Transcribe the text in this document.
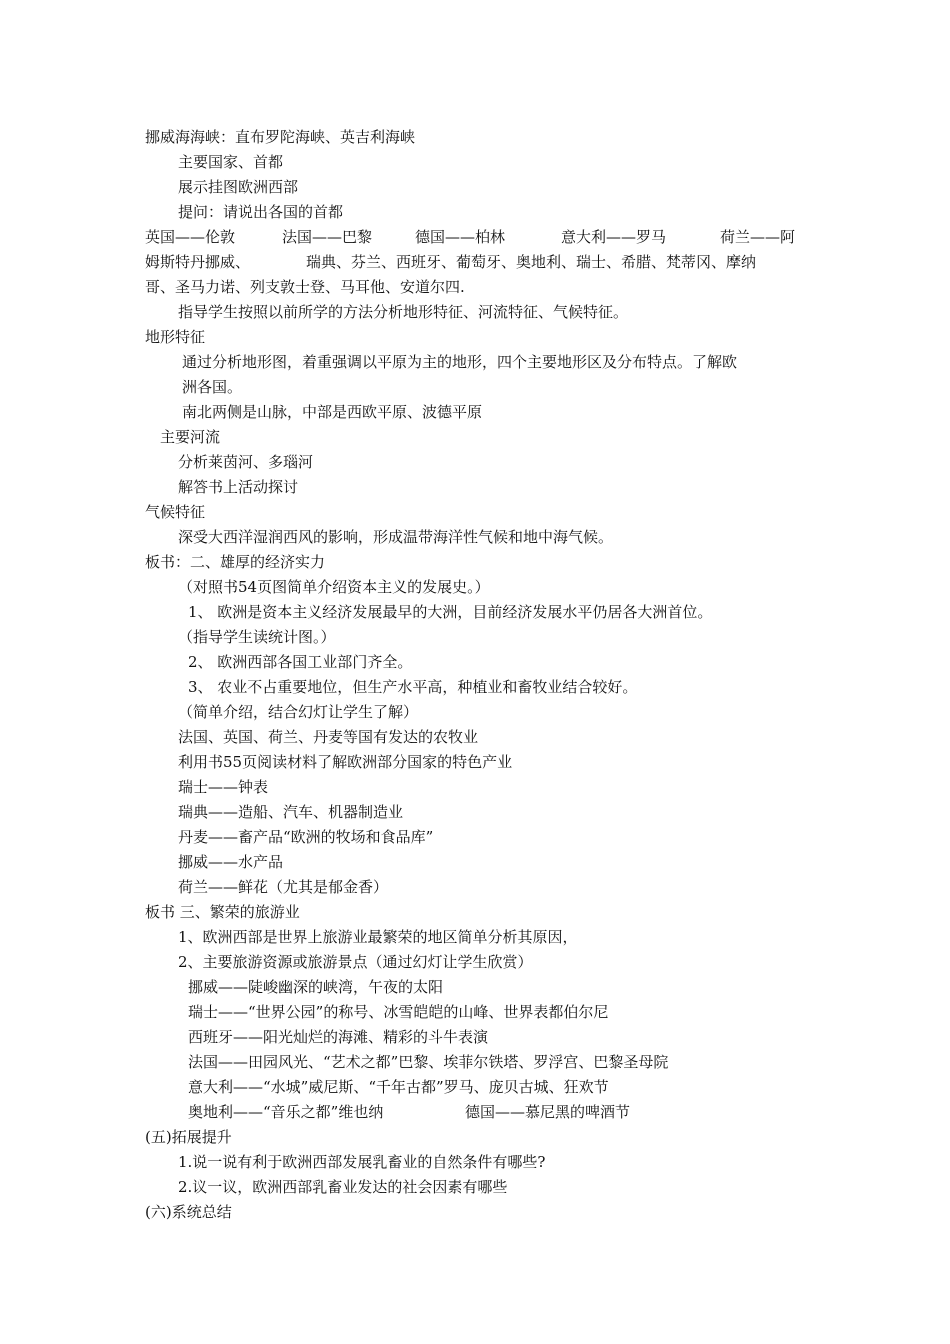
挪威海海峡：直布罗陀海峡、英吉利海峡
主要国家、首都
展示挂图欧洲西部
提问：请说出各国的首都
英国——伦敦	法国——巴黎	德国——柏林	意大利——罗马	荷兰——阿
姆斯特丹挪威、	瑞典、芬兰、西班牙、葡萄牙、奥地利、瑞士、希腊、梵蒂冈、摩纳
哥、圣马力诺、列支敦士登、马耳他、安道尔四.
指导学生按照以前所学的方法分析地形特征、河流特征、气候特征。
地形特征
通过分析地形图，着重强调以平原为主的地形，四个主要地形区及分布特点。了解欧
洲各国。
南北两侧是山脉，中部是西欧平原、波德平原
主要河流
分析莱茵河、多瑙河
解答书上活动探讨
气候特征
深受大西洋湿润西风的影响，形成温带海洋性气候和地中海气候。
板书：二、雄厚的经济实力
（对照书54页图简单介绍资本主义的发展史。）
1、 欧洲是资本主义经济发展最早的大洲，目前经济发展水平仍居各大洲首位。
（指导学生读统计图。）
2、 欧洲西部各国工业部门齐全。
3、 农业不占重要地位，但生产水平高，种植业和畜牧业结合较好。
（简单介绍，结合幻灯让学生了解）
法国、英国、荷兰、丹麦等国有发达的农牧业
利用书55页阅读材料了解欧洲部分国家的特色产业
瑞士——钟表
瑞典——造船、汽车、机器制造业
丹麦——畜产品“欧洲的牧场和食品库”
挪威——水产品
荷兰——鲜花（尤其是郁金香）
板书 三、繁荣的旅游业
1、欧洲西部是世界上旅游业最繁荣的地区简单分析其原因，
2、主要旅游资源或旅游景点（通过幻灯让学生欣赏）
挪威——陡峻幽深的峡湾，午夜的太阳
瑞士——“世界公园”的称号、冰雪皑皑的山峰、世界表都伯尔尼
西班牙——阳光灿烂的海滩、精彩的斗牛表演
法国——田园风光、“艺术之都”巴黎、埃菲尔铁塔、罗浮宫、巴黎圣母院
意大利——“水城”威尼斯、“千年古都”罗马、庞贝古城、狂欢节
奥地利——“音乐之都”维也纳	德国——慕尼黑的啤酒节
(五)拓展提升
1.说一说有利于欧洲西部发展乳畜业的自然条件有哪些?
2.议一议，欧洲西部乳畜业发达的社会因素有哪些
(六)系统总结
